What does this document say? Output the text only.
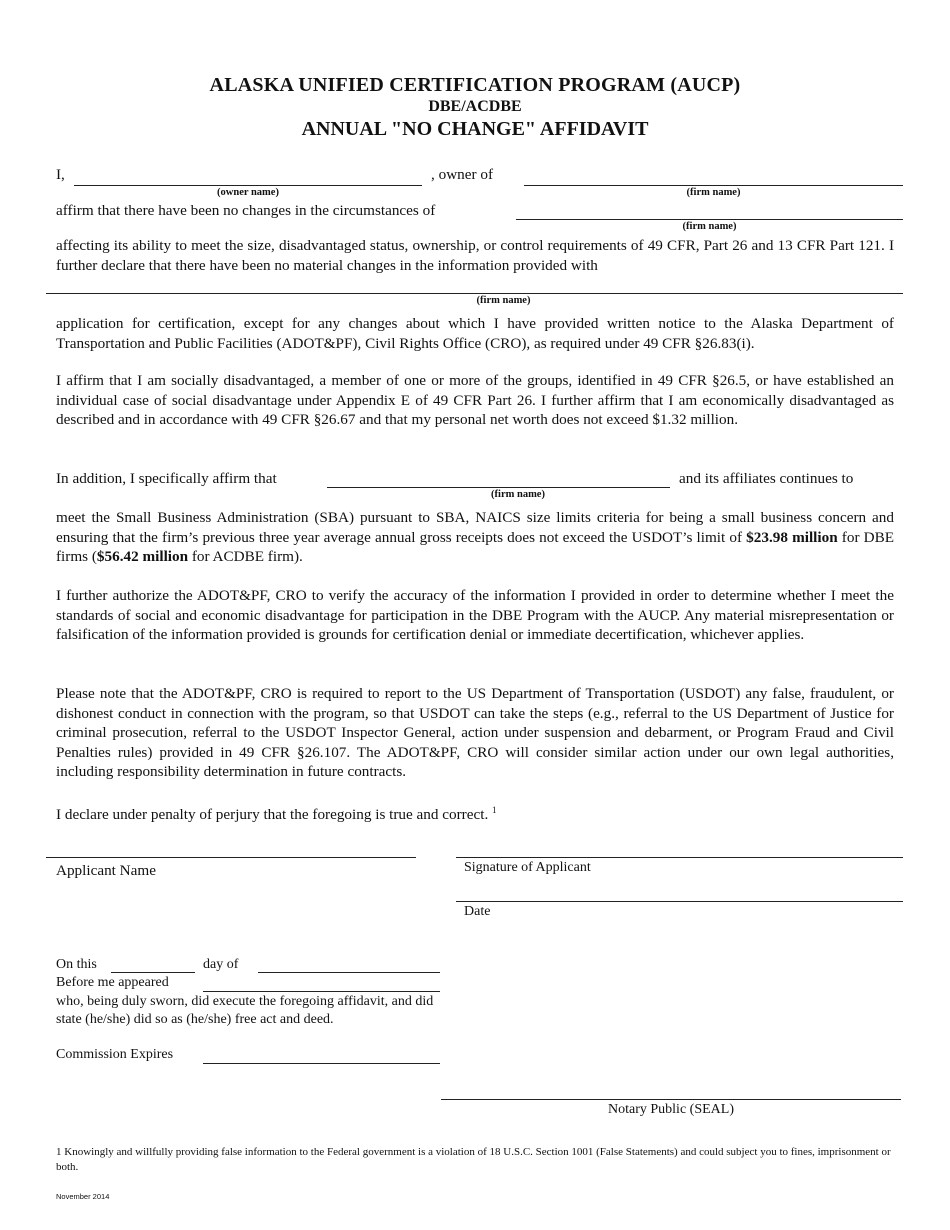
ALASKA UNIFIED CERTIFICATION PROGRAM (AUCP)
DBE/ACDBE
ANNUAL "NO CHANGE" AFFIDAVIT
I,
(owner name)
, owner of
(firm name)
affirm that there have been no changes in the circumstances of
(firm name)
affecting its ability to meet the size, disadvantaged status, ownership, or control requirements of 49 CFR, Part 26 and 13 CFR Part 121. I further declare that there have been no material changes in the information provided with
(firm name)
application for certification, except for any changes about which I have provided written notice to the Alaska Department of Transportation and Public Facilities (ADOT&PF), Civil Rights Office (CRO), as required under 49 CFR §26.83(i).
I affirm that I am socially disadvantaged, a member of one or more of the groups, identified in 49 CFR §26.5, or have established an individual case of social disadvantage under Appendix E of 49 CFR Part 26. I further affirm that I am economically disadvantaged as described and in accordance with 49 CFR §26.67 and that my personal net worth does not exceed $1.32 million.
In addition, I specifically affirm that
(firm name)
and its affiliates continues to
meet the Small Business Administration (SBA) pursuant to SBA, NAICS size limits criteria for being a small business concern and ensuring that the firm’s previous three year average annual gross receipts does not exceed the USDOT’s limit of $23.98 million for DBE firms ($56.42 million for ACDBE firm).
I further authorize the ADOT&PF, CRO to verify the accuracy of the information I provided in order to determine whether I meet the standards of social and economic disadvantage for participation in the DBE Program with the AUCP. Any material misrepresentation or falsification of the information provided is grounds for certification denial or immediate decertification, whichever applies.
Please note that the ADOT&PF, CRO is required to report to the US Department of Transportation (USDOT) any false, fraudulent, or dishonest conduct in connection with the program, so that USDOT can take the steps (e.g., referral to the US Department of Justice for criminal prosecution, referral to the USDOT Inspector General, action under suspension and debarment, or Program Fraud and Civil Penalties rules) provided in 49 CFR §26.107. The ADOT&PF, CRO will consider similar action under our own legal authorities, including responsibility determination in future contracts.
I declare under penalty of perjury that the foregoing is true and correct. $^1$
Applicant Name	Signature of Applicant
Date
On this	day of
Before me appeared
who, being duly sworn, did execute the foregoing affidavit, and did state (he/she) did so as (he/she) free act and deed.
Commission Expires
Notary Public (SEAL)
1 Knowingly and willfully providing false information to the Federal government is a violation of 18 U.S.C. Section 1001 (False Statements) and could subject you to fines, imprisonment or both.
November 2014
